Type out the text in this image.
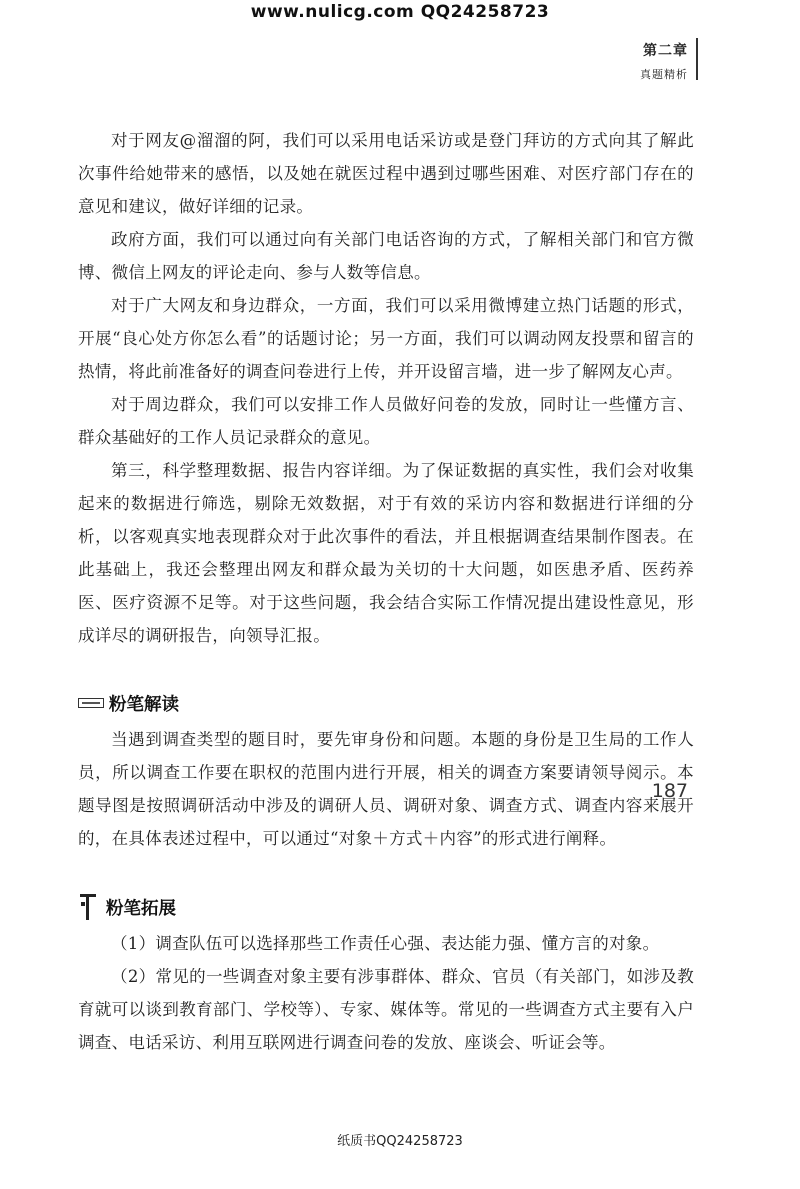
www.nulicg.com QQ24258723
第二章
真题精析

对于网友@溜溜的阿，我们可以采用电话采访或是登门拜访的方式向其了解此次事件给她带来的感悟，以及她在就医过程中遇到过哪些困难、对医疗部门存在的意见和建议，做好详细的记录。

政府方面，我们可以通过向有关部门电话咨询的方式，了解相关部门和官方微博、微信上网友的评论走向、参与人数等信息。

对于广大网友和身边群众，一方面，我们可以采用微博建立热门话题的形式，开展“良心处方你怎么看”的话题讨论；另一方面，我们可以调动网友投票和留言的热情，将此前准备好的调查问卷进行上传，并开设留言墙，进一步了解网友心声。

对于周边群众，我们可以安排工作人员做好问卷的发放，同时让一些懂方言、群众基础好的工作人员记录群众的意见。

第三，科学整理数据、报告内容详细。为了保证数据的真实性，我们会对收集起来的数据进行筛选，剔除无效数据，对于有效的采访内容和数据进行详细的分析，以客观真实地表现群众对于此次事件的看法，并且根据调查结果制作图表。在此基础上，我还会整理出网友和群众最为关切的十大问题，如医患矛盾、医药养医、医疗资源不足等。对于这些问题，我会结合实际工作情况提出建设性意见，形成详尽的调研报告，向领导汇报。

粉笔解读

当遇到调查类型的题目时，要先审身份和问题。本题的身份是卫生局的工作人员，所以调查工作要在职权的范围内进行开展，相关的调查方案要请领导阅示。本题导图是按照调研活动中涉及的调研人员、调研对象、调查方式、调查内容来展开的，在具体表述过程中，可以通过“对象＋方式＋内容”的形式进行阐释。

粉笔拓展

（1）调查队伍可以选择那些工作责任心强、表达能力强、懂方言的对象。

（2）常见的一些调查对象主要有涉事群体、群众、官员（有关部门，如涉及教育就可以谈到教育部门、学校等）、专家、媒体等。常见的一些调查方式主要有入户调查、电话采访、利用互联网进行调查问卷的发放、座谈会、听证会等。

187
纸质书QQ24258723
